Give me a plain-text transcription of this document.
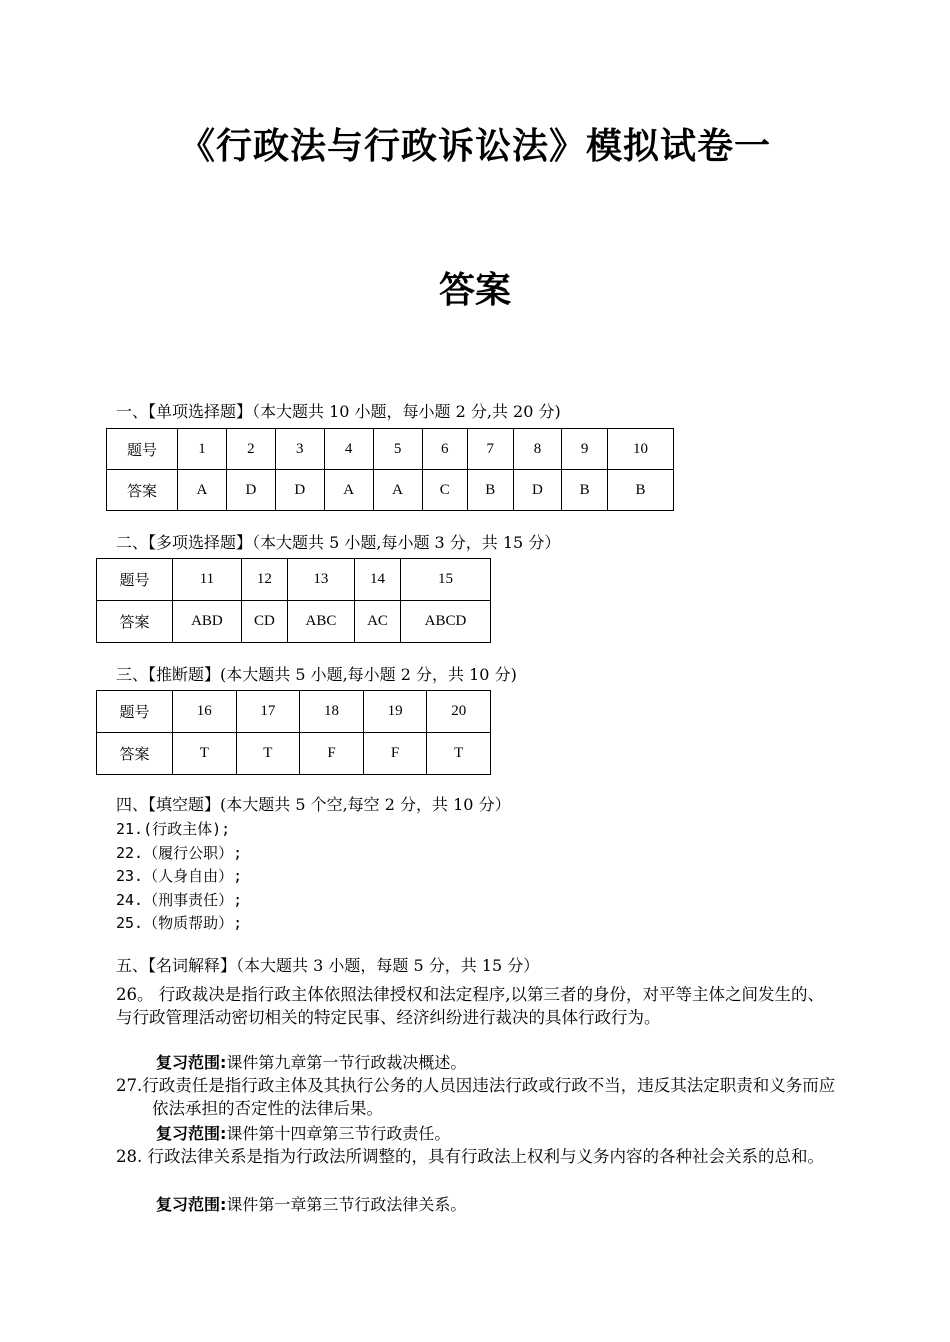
《行政法与行政诉讼法》模拟试卷一
答案
一、【单项选择题】（本大题共 10 小题，每小题 2 分,共 20 分)
题号	1	2	3	4	5	6	7	8	9	10
答案	A	D	D	A	A	C	B	D	B	B
二、【多项选择题】（本大题共 5 小题,每小题 3 分，共 15 分）
题号	11	12	13	14	15
答案	ABD	CD	ABC	AC	ABCD
三、【推断题】(本大题共 5 小题,每小题 2 分，共 10 分)
题号	16	17	18	19	20
答案	T	T	F	F	T
四、【填空题】(本大题共 5 个空,每空 2 分，共 10 分）
21.(行政主体);
22.（履行公职）;
23.（人身自由）;
24.（刑事责任）;
25.（物质帮助）;
五、【名词解释】（本大题共 3 小题，每题 5 分，共 15 分）
26。 行政裁决是指行政主体依照法律授权和法定程序,以第三者的身份，对平等主体之间发生的、与行政管理活动密切相关的特定民事、经济纠纷进行裁决的具体行政行为。
复习范围:课件第九章第一节行政裁决概述。
27.行政责任是指行政主体及其执行公务的人员因违法行政或行政不当，违反其法定职责和义务而应依法承担的否定性的法律后果。
复习范围:课件第十四章第三节行政责任。
28. 行政法律关系是指为行政法所调整的，具有行政法上权利与义务内容的各种社会关系的总和。
复习范围:课件第一章第三节行政法律关系。
